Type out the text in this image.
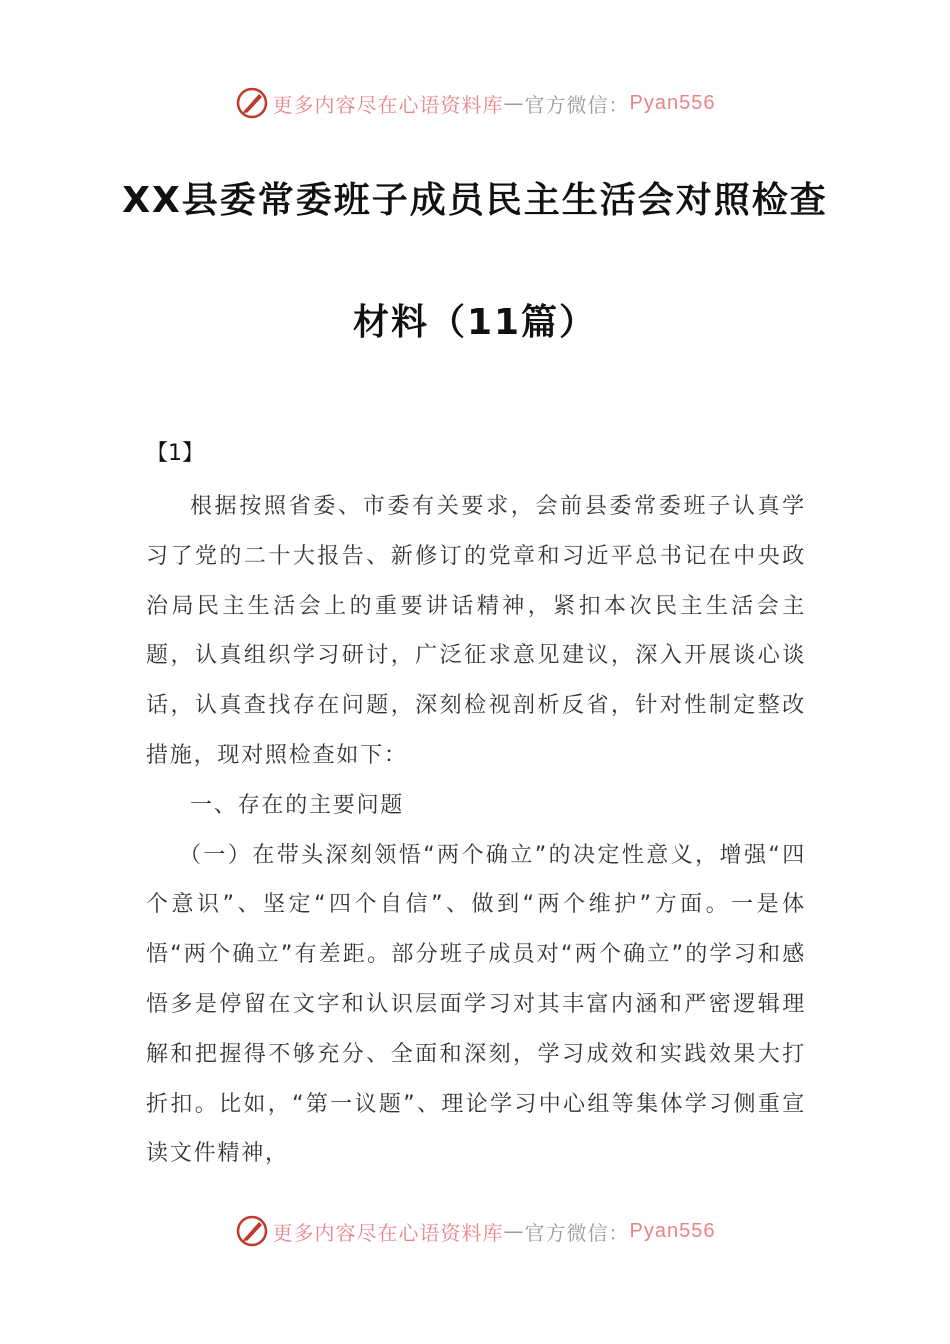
更多内容尽在心语资料库 — 官方微信： Pyan556
XX县委常委班子成员民主生活会对照检查
材料（11篇）
【1】

根据按照省委、市委有关要求，会前县委常委班子认真学习了党的二十大报告、新修订的党章和习近平总书记在中央政治局民主生活会上的重要讲话精神，紧扣本次民主生活会主题，认真组织学习研讨，广泛征求意见建议，深入开展谈心谈话，认真查找存在问题，深刻检视剖析反省，针对性制定整改措施，现对照检查如下：

一、存在的主要问题

（一）在带头深刻领悟“两个确立”的决定性意义，增强“四个意识”、坚定“四个自信”、做到“两个维护”方面。一是体悟“两个确立”有差距。部分班子成员对“两个确立”的学习和感悟多是停留在文字和认识层面学习对其丰富内涵和严密逻辑理解和把握得不够充分、全面和深刻，学习成效和实践效果大打折扣。比如，“第一议题”、理论学习中心组等集体学习侧重宣读文件精神，

更多内容尽在心语资料库 — 官方微信： Pyan556
